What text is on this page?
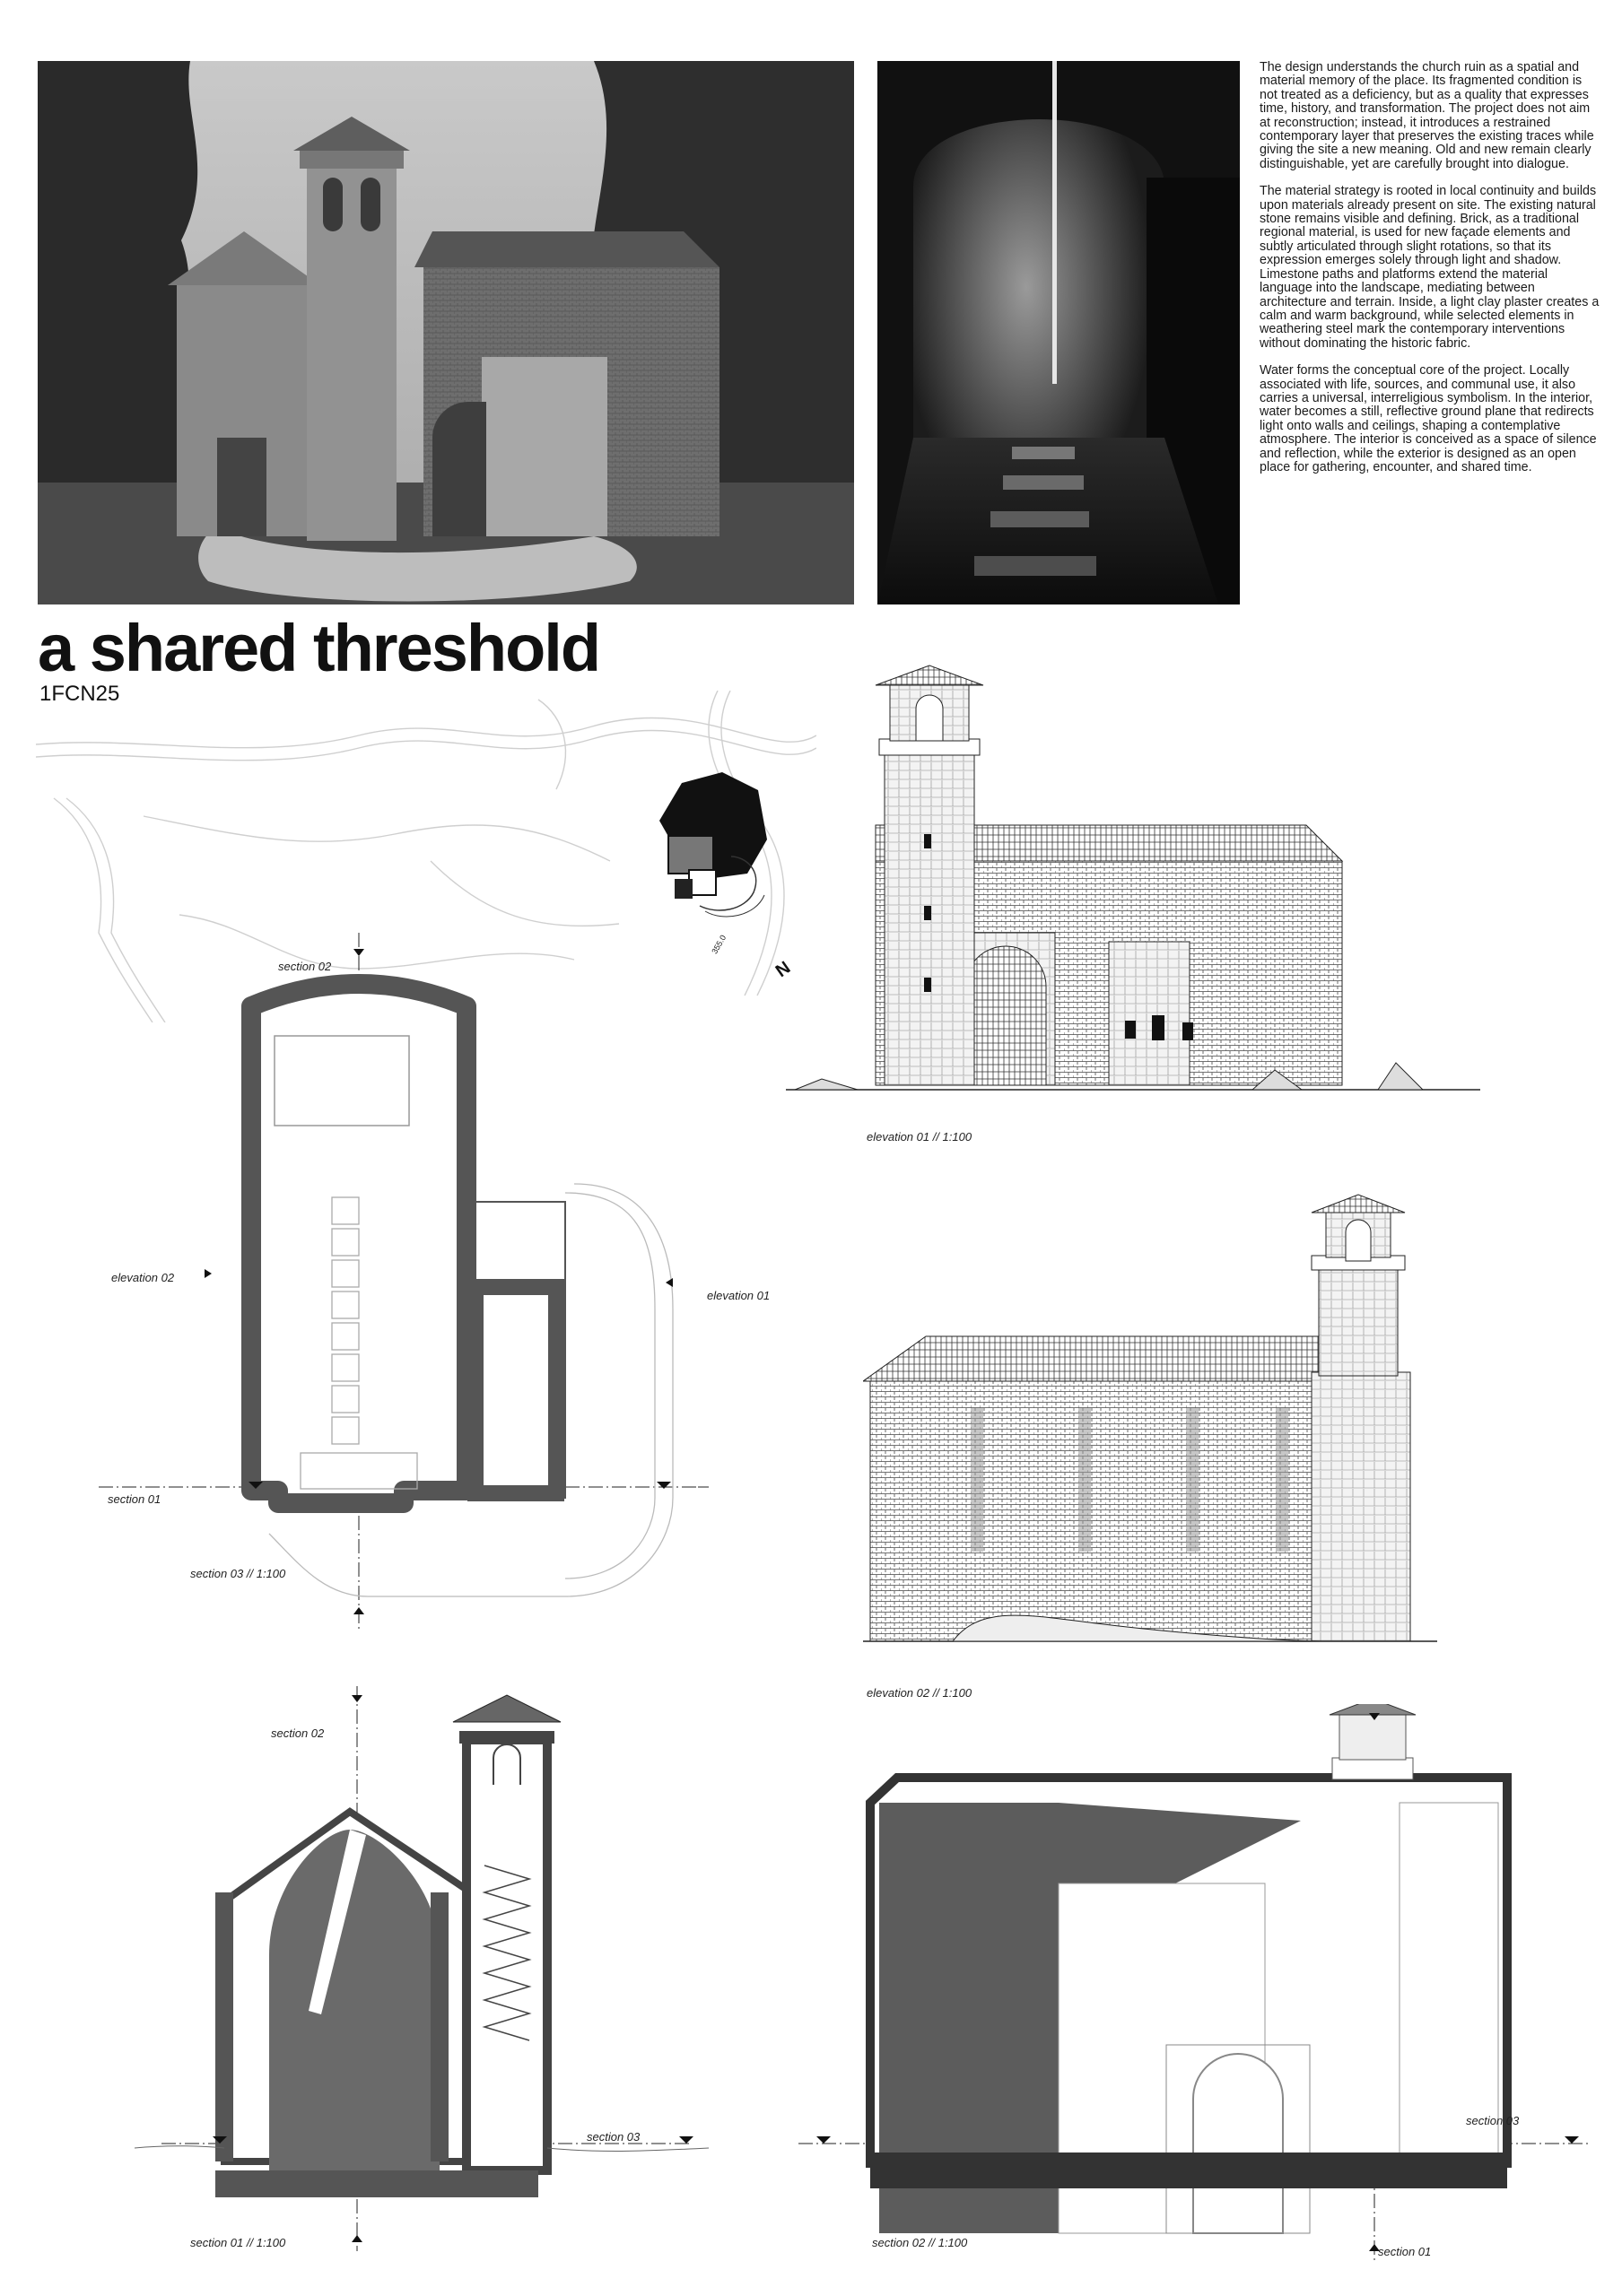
The design understands the church ruin as a spatial and material memory of the place. Its fragmented condition is not treated as a deficiency, but as a quality that expresses time, history, and transformation. The project does not aim at reconstruction; instead, it introduces a restrained contemporary layer that preserves the existing traces while giving the site a new meaning. Old and new remain clearly distinguishable, yet are carefully brought into dialogue.

The material strategy is rooted in local continuity and builds upon materials already present on site. The existing natural stone remains visible and defining. Brick, as a traditional regional material, is used for new façade elements and subtly articulated through slight rotations, so that its expression emerges solely through light and shadow. Limestone paths and platforms extend the material language into the landscape, mediating between architecture and terrain. Inside, a light clay plaster creates a calm and warm background, while selected elements in weathering steel mark the contemporary interventions without dominating the historic fabric.

Water forms the conceptual core of the project. Locally associated with life, sources, and communal use, it also carries a universal, interreligious symbolism. In the interior, water becomes a still, reflective ground plane that redirects light onto walls and ceilings, shaping a contemplative atmosphere. The interior is conceived as a space of silence and reflection, while the exterior is designed as an open place for gathering, encounter, and shared time.

a shared threshold
1FCN25
355.0
N
section 02
elevation 02
elevation 01
section 01
section 03 // 1:100
elevation 01 // 1:100
elevation 02 // 1:100
section 02
section 03
section 01 // 1:100
section 03
section 01
section 02 // 1:100
